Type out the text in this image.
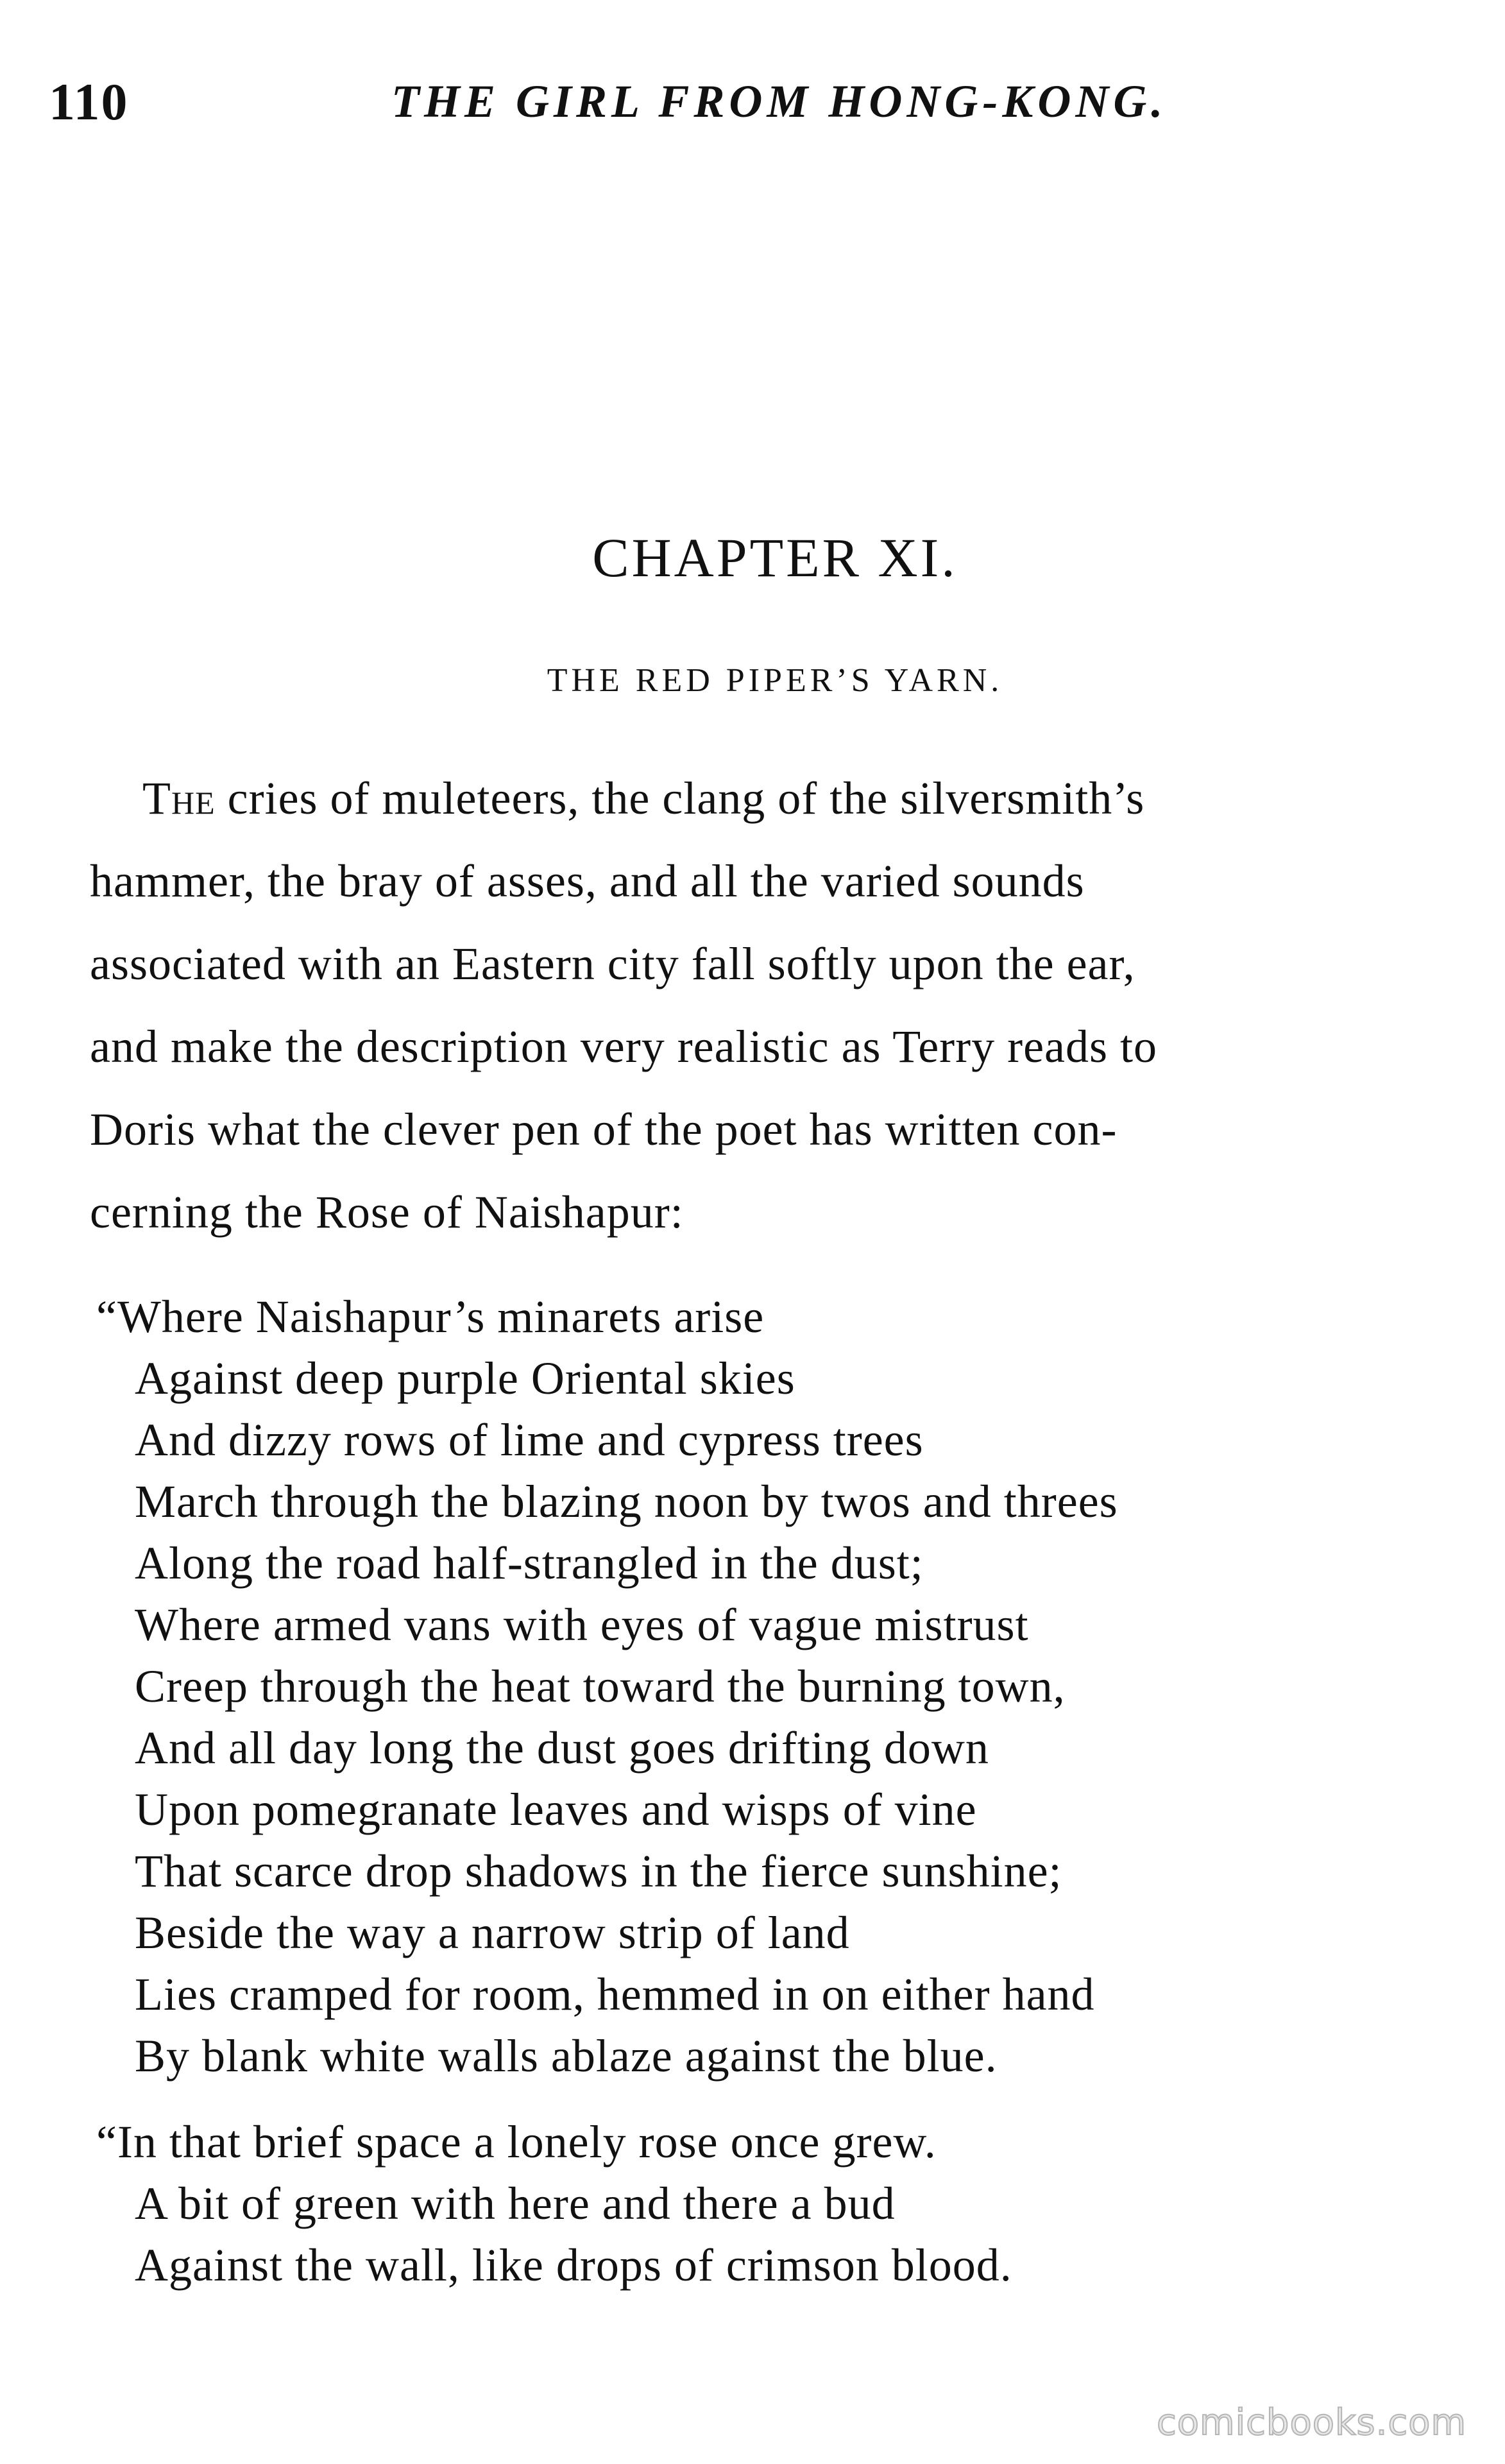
110	THE GIRL FROM HONG-KONG.
CHAPTER XI.
THE RED PIPER’S YARN.
The cries of muleteers, the clang of the silversmith’s
hammer, the bray of asses, and all the varied sounds
associated with an Eastern city fall softly upon the ear,
and make the description very realistic as Terry reads to
Doris what the clever pen of the poet has written con-
cerning the Rose of Naishapur:
“Where Naishapur’s minarets arise
Against deep purple Oriental skies
And dizzy rows of lime and cypress trees
March through the blazing noon by twos and threes
Along the road half-strangled in the dust;
Where armed vans with eyes of vague mistrust
Creep through the heat toward the burning town,
And all day long the dust goes drifting down
Upon pomegranate leaves and wisps of vine
That scarce drop shadows in the fierce sunshine;
Beside the way a narrow strip of land
Lies cramped for room, hemmed in on either hand
By blank white walls ablaze against the blue.
“In that brief space a lonely rose once grew.
A bit of green with here and there a bud
Against the wall, like drops of crimson blood.
comicbooks.com
